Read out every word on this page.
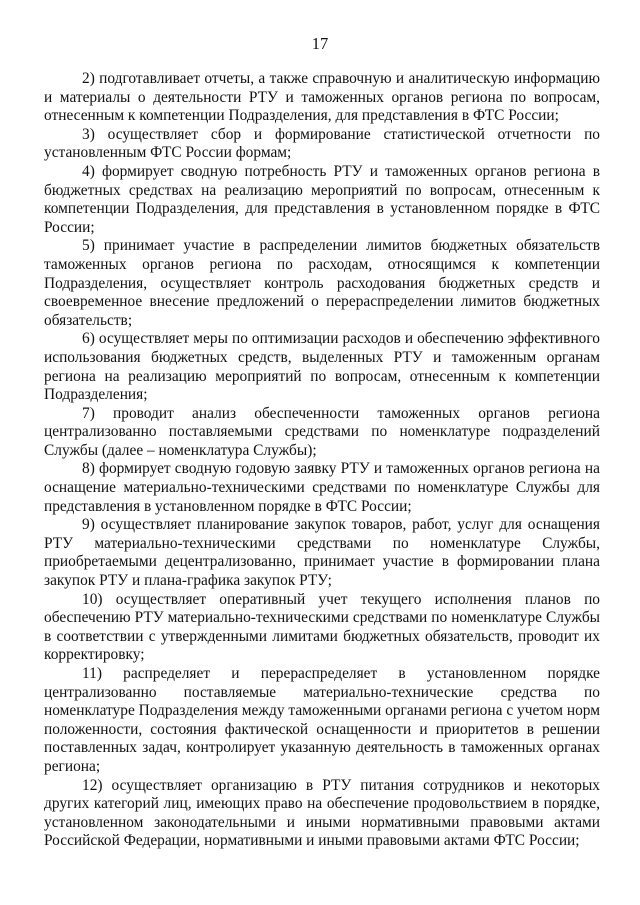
17

2) подготавливает отчеты, а также справочную и аналитическую информацию и материалы о деятельности РТУ и таможенных органов региона по вопросам, отнесенным к компетенции Подразделения, для представления в ФТС России;

3) осуществляет сбор и формирование статистической отчетности по установленным ФТС России формам;

4) формирует сводную потребность РТУ и таможенных органов региона в бюджетных средствах на реализацию мероприятий по вопросам, отнесенным к компетенции Подразделения, для представления в установленном порядке в ФТС России;

5) принимает участие в распределении лимитов бюджетных обязательств таможенных органов региона по расходам, относящимся к компетенции Подразделения, осуществляет контроль расходования бюджетных средств и своевременное внесение предложений о перераспределении лимитов бюджетных обязательств;

6) осуществляет меры по оптимизации расходов и обеспечению эффективного использования бюджетных средств, выделенных РТУ и таможенным органам региона на реализацию мероприятий по вопросам, отнесенным к компетенции Подразделения;

7) проводит анализ обеспеченности таможенных органов региона централизованно поставляемыми средствами по номенклатуре подразделений Службы (далее – номенклатура Службы);

8) формирует сводную годовую заявку РТУ и таможенных органов региона на оснащение материально-техническими средствами по номенклатуре Службы для представления в установленном порядке в ФТС России;

9) осуществляет планирование закупок товаров, работ, услуг для оснащения РТУ материально-техническими средствами по номенклатуре Службы, приобретаемыми децентрализованно, принимает участие в формировании плана закупок РТУ и плана-графика закупок РТУ;

10) осуществляет оперативный учет текущего исполнения планов по обеспечению РТУ материально-техническими средствами по номенклатуре Службы в соответствии с утвержденными лимитами бюджетных обязательств, проводит их корректировку;

11) распределяет и перераспределяет в установленном порядке централизованно поставляемые материально-технические средства по номенклатуре Подразделения между таможенными органами региона с учетом норм положенности, состояния фактической оснащенности и приоритетов в решении поставленных задач, контролирует указанную деятельность в таможенных органах региона;

12) осуществляет организацию в РТУ питания сотрудников и некоторых других категорий лиц, имеющих право на обеспечение продовольствием в порядке, установленном законодательными и иными нормативными правовыми актами Российской Федерации, нормативными и иными правовыми актами ФТС России;
